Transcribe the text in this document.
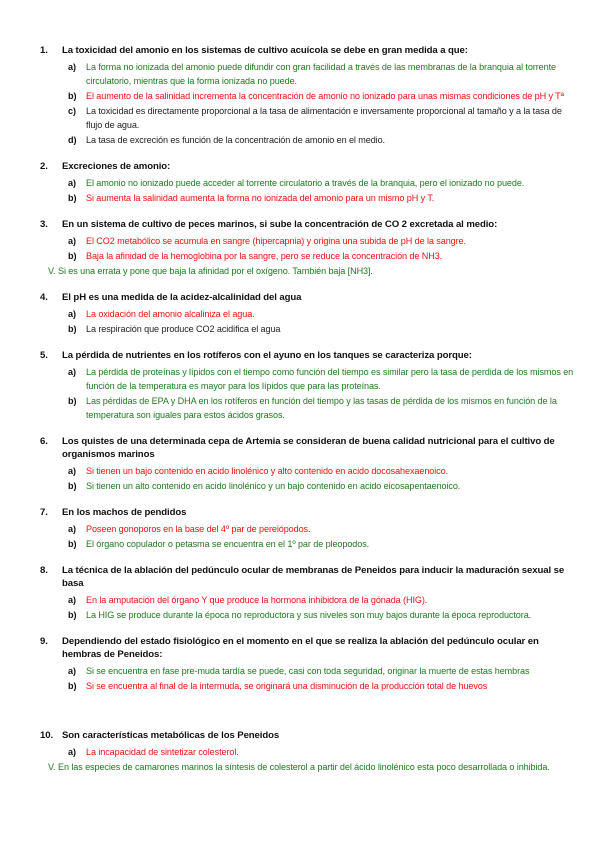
1.	La toxicidad del amonio en los sistemas de cultivo acuícola se debe en gran medida a que:
a)	La forma no ionizada del amonio puede difundir con gran facilidad a través de las membranas de la branquia al torrente circulatorio, mientras que la forma ionizada no puede.
b)	El aumento de la salinidad incrementa la concentración de amonio no ionizado para unas mismas condiciones de pH y Tª
c)	La toxicidad es directamente proporcional a la tasa de alimentación e inversamente proporcional al tamaño y a la tasa de flujo de agua.
d)	La tasa de excreción es función de la concentración de amonio en el medio.
2.	Excreciones de amonio:
a)	El amonio no ionizado puede acceder al torrente circulatorio a través de la branquia, pero el ionizado no puede.
b)	Si aumenta la salinidad aumenta la forma no ionizada del amonio para un mismo pH y T.
3.	En un sistema de cultivo de peces marinos, si sube la concentración de CO 2 excretada al medio:
a)	El CO2 metabólico se acumula en sangre (hipercapnia) y origina una subida de pH de la sangre.
b)	Baja la afinidad de la hemoglobina por la sangre, pero se reduce la concentración de NH3.
V. Si es una errata y pone que baja la afinidad por el oxígeno. También baja [NH3].
4.	El pH es una medida de la acidez-alcalinidad del agua
a)	La oxidación del amonio alcaliniza el agua.
b)	La respiración que produce CO2 acidifica el agua
5.	La pérdida de nutrientes en los rotíferos con el ayuno en los tanques se caracteriza porque:
a)	La pérdida de proteínas y lípidos con el tiempo como función del tiempo es similar pero la tasa de perdida de los mismos en función de la temperatura es mayor para los lípidos que para las proteínas.
b)	Las pérdidas de EPA y DHA en los rotíferos en función del tiempo y las tasas de pérdida de los mismos en función de la temperatura son iguales para estos ácidos grasos.
6.	Los quistes de una determinada cepa de Artemia se consideran de buena calidad nutricional para el cultivo de organismos marinos
a)	Si tienen un bajo contenido en acido linolénico y alto contenido en acido docosahexaenoico.
b)	Si tienen un alto contenido en acido linolénico y un bajo contenido en acido eicosapentaenoico.
7.	En los machos de pendidos
a)	Poseen gonoporos en la base del 4º par de pereiópodos.
b)	El órgano copulador o petasma se encuentra en el 1º par de pleopodos.
8.	La técnica de la ablación del pedúnculo ocular de membranas de Peneidos para inducir la maduración sexual se basa
a)	En la amputación del órgano Y que produce la hormona inhibidora de la gónada (HIG).
b)	La HIG se produce durante la época no reproductora y sus niveles son muy bajos durante la época reproductora.
9.	Dependiendo del estado fisiológico en el momento en el que se realiza la ablación del pedúnculo ocular en hembras de Peneidos:
a)	Si se encuentra en fase pre-muda tardía se puede, casi con toda seguridad, originar la muerte de estas hembras
b)	Si se encuentra al final de la intermuda, se originará una disminución de la producción total de huevos
10. Son características metabólicas de los Peneidos
a)	La incapacidad de sintetizar colesterol.
V. En las especies de camarones marinos la síntesis de colesterol a partir del ácido linolénico esta poco desarrollada o inhibida.
